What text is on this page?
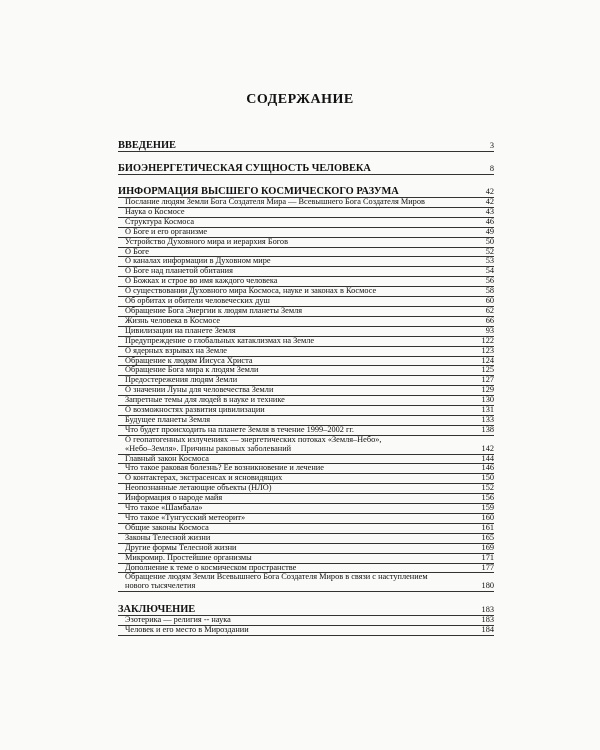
СОДЕРЖАНИЕ
ВВЕДЕНИЕ	3
БИОЭНЕРГЕТИЧЕСКАЯ СУЩНОСТЬ ЧЕЛОВЕКА	8
ИНФОРМАЦИЯ ВЫСШЕГО КОСМИЧЕСКОГО РАЗУМА	42
Послание людям Земли Бога Создателя Мира — Всевышнего Бога Создателя Миров	42
Наука о Космосе	43
Структура Космоса	46
О Боге и его организме	49
Устройство Духовного мира и иерархия Богов	50
О Боге	52
О каналах информации в Духовном мире	53
О Боге над планетой обитания	54
О Божках и строе во имя каждого человека	56
О существовании Духовного мира Космоса, науке и законах в Космосе	58
Об орбитах и обители человеческих душ	60
Обращение Бога Энергии к людям планеты Земля	62
Жизнь человека в Космосе	66
Цивилизации на планете Земля	93
Предупреждение о глобальных катаклизмах на Земле	122
О ядерных взрывах на Земле	123
Обращение к людям Иисуса Христа	124
Обращение Бога мира к людям Земли	125
Предостережения людям Земли	127
О значении Луны для человечества Земли	129
Запретные темы для людей в науке и технике	130
О возможностях развития цивилизации	131
Будущее планеты Земля	133
Что будет происходить на планете Земля в течение 1999–2002 гг.	138
О геопатогенных излучениях — энергетических потоках «Земля–Небо»,
«Небо–Земля». Причины раковых заболеваний	142
Главный закон Космоса	144
Что такое раковая болезнь? Ее возникновение и лечение	146
О контактерах, экстрасенсах и ясновидящих	150
Неопознанные летающие объекты (НЛО)	152
Информация о народе майя	156
Что такое «Шамбала»	159
Что такое «Тунгусский метеорит»	160
Общие законы Космоса	161
Законы Телесной жизни	165
Другие формы Телесной жизни	169
Микромир. Простейшие организмы	171
Дополнение к теме о космическом пространстве	177
Обращение людям Земли Всевышнего Бога Создателя Миров в связи с наступлением
нового тысячелетия	180
ЗАКЛЮЧЕНИЕ	183
Эзотерика — религия -- наука	183
Человек и его место в Мироздании	184
